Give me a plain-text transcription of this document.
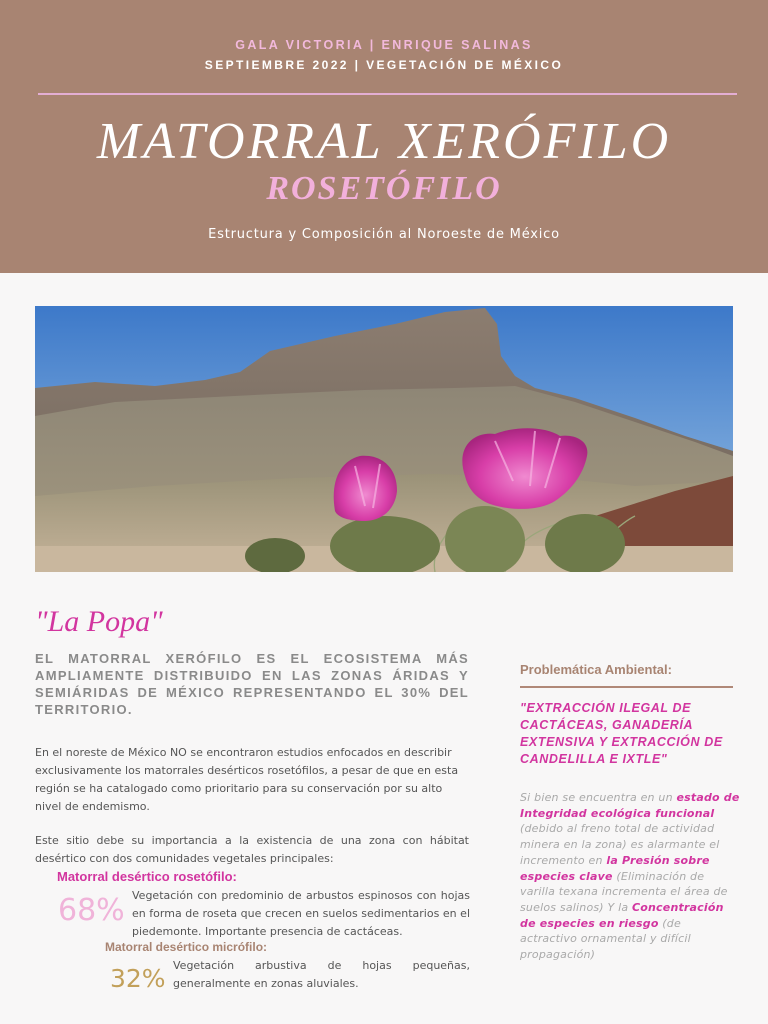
GALA VICTORIA | ENRIQUE SALINAS
SEPTIEMBRE 2022 | VEGETACIÓN DE MÉXICO
MATORRAL XERÓFILO
ROSETÓFILO
Estructura y Composición al Noroeste de México
"La Popa"
EL MATORRAL XERÓFILO ES EL ECOSISTEMA MÁS AMPLIAMENTE DISTRIBUIDO EN LAS ZONAS ÁRIDAS Y SEMIÁRIDAS DE MÉXICO REPRESENTANDO EL 30% DEL TERRITORIO.
En el noreste de México NO se encontraron estudios enfocados en describir exclusivamente los matorrales desérticos rosetófilos, a pesar de que en esta región se ha catalogado como prioritario para su conservación por su alto nivel de endemismo.
Este sitio debe su importancia a la existencia de una zona con hábitat desértico con dos comunidades vegetales principales:
Matorral desértico rosetófilo:
68% Vegetación con predominio de arbustos espinosos con hojas en forma de roseta que crecen en suelos sedimentarios en el piedemonte. Importante presencia de cactáceas.
Matorral desértico micrófilo:
32% Vegetación arbustiva de hojas pequeñas, generalmente en zonas aluviales.
Problemática Ambiental:
"EXTRACCIÓN ILEGAL DE CACTÁCEAS, GANADERÍA EXTENSIVA Y EXTRACCIÓN DE CANDELILLA E IXTLE"
Si bien se encuentra en un estado de Integridad ecológica funcional (debido al freno total de actividad minera en la zona) es alarmante el incremento en la Presión sobre especies clave (Eliminación de varilla texana incrementa el área de suelos salinos) Y la Concentración de especies en riesgo (de actractivo ornamental y difícil propagación)
